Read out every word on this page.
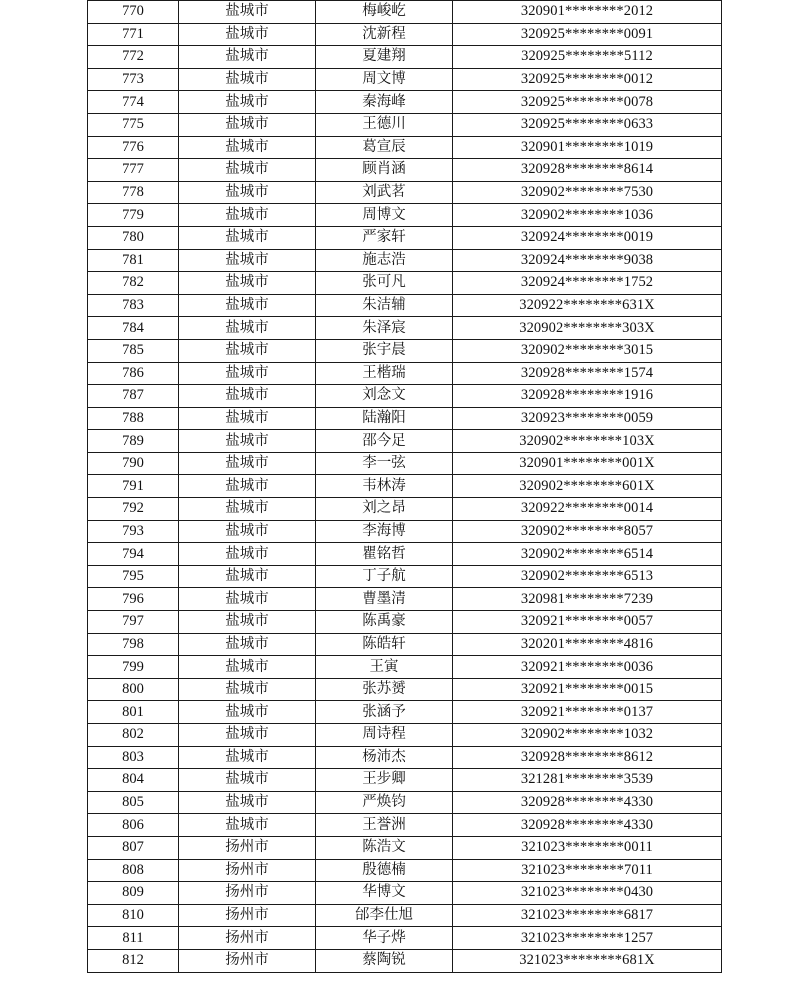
770	盐城市	梅峻屹	320901********2012
771	盐城市	沈新程	320925********0091
772	盐城市	夏建翔	320925********5112
773	盐城市	周文博	320925********0012
774	盐城市	秦海峰	320925********0078
775	盐城市	王德川	320925********0633
776	盐城市	葛宣辰	320901********1019
777	盐城市	顾肖涵	320928********8614
778	盐城市	刘武茗	320902********7530
779	盐城市	周博文	320902********1036
780	盐城市	严家轩	320924********0019
781	盐城市	施志浩	320924********9038
782	盐城市	张可凡	320924********1752
783	盐城市	朱洁辅	320922********631X
784	盐城市	朱泽宸	320902********303X
785	盐城市	张宇晨	320902********3015
786	盐城市	王楷瑞	320928********1574
787	盐城市	刘念文	320928********1916
788	盐城市	陆瀚阳	320923********0059
789	盐城市	邵今足	320902********103X
790	盐城市	李一弦	320901********001X
791	盐城市	韦林涛	320902********601X
792	盐城市	刘之昂	320922********0014
793	盐城市	李海博	320902********8057
794	盐城市	瞿铭哲	320902********6514
795	盐城市	丁子航	320902********6513
796	盐城市	曹墨清	320981********7239
797	盐城市	陈禹豪	320921********0057
798	盐城市	陈皓轩	320201********4816
799	盐城市	王寅	320921********0036
800	盐城市	张苏赟	320921********0015
801	盐城市	张涵予	320921********0137
802	盐城市	周诗程	320902********1032
803	盐城市	杨沛杰	320928********8612
804	盐城市	王步卿	321281********3539
805	盐城市	严焕钧	320928********4330
806	盐城市	王誉洲	320928********4330
807	扬州市	陈浩文	321023********0011
808	扬州市	殷德楠	321023********7011
809	扬州市	华博文	321023********0430
810	扬州市	邰李仕旭	321023********6817
811	扬州市	华子烨	321023********1257
812	扬州市	蔡陶锐	321023********681X
